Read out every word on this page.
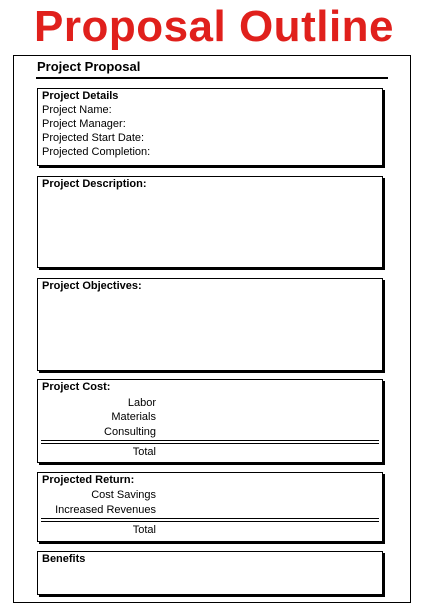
Proposal Outline
Project Proposal
Project Details
Project Name:
Project Manager:
Projected Start Date:
Projected Completion:
Project Description:
Project Objectives:
Project Cost:
Labor
Materials
Consulting
Total
Projected Return:
Cost Savings
Increased Revenues
Total
Benefits
